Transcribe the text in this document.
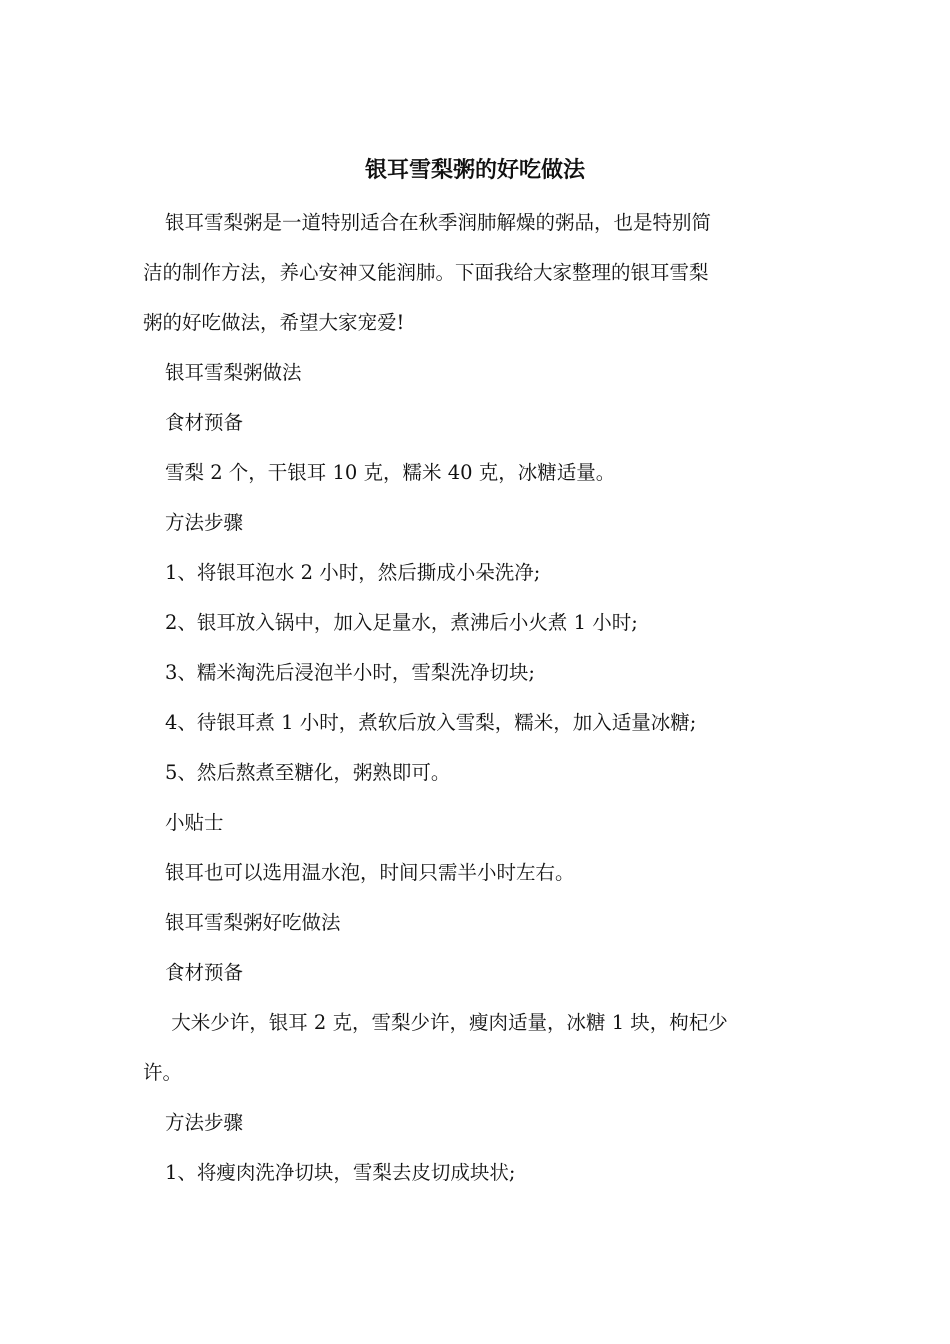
银耳雪梨粥的好吃做法

银耳雪梨粥是一道特别适合在秋季润肺解燥的粥品，也是特别简

洁的制作方法，养心安神又能润肺。下面我给大家整理的银耳雪梨

粥的好吃做法，希望大家宠爱!

银耳雪梨粥做法

食材预备

雪梨 2 个，干银耳 10 克，糯米 40 克，冰糖适量。

方法步骤

1、将银耳泡水 2 小时，然后撕成小朵洗净;

2、银耳放入锅中，加入足量水，煮沸后小火煮 1 小时;

3、糯米淘洗后浸泡半小时，雪梨洗净切块;

4、待银耳煮 1 小时，煮软后放入雪梨，糯米，加入适量冰糖;

5、然后熬煮至糖化，粥熟即可。

小贴士

银耳也可以选用温水泡，时间只需半小时左右。

银耳雪梨粥好吃做法

食材预备

大米少许，银耳 2 克，雪梨少许，瘦肉适量，冰糖 1 块，枸杞少

许。

方法步骤

1、将瘦肉洗净切块，雪梨去皮切成块状;
